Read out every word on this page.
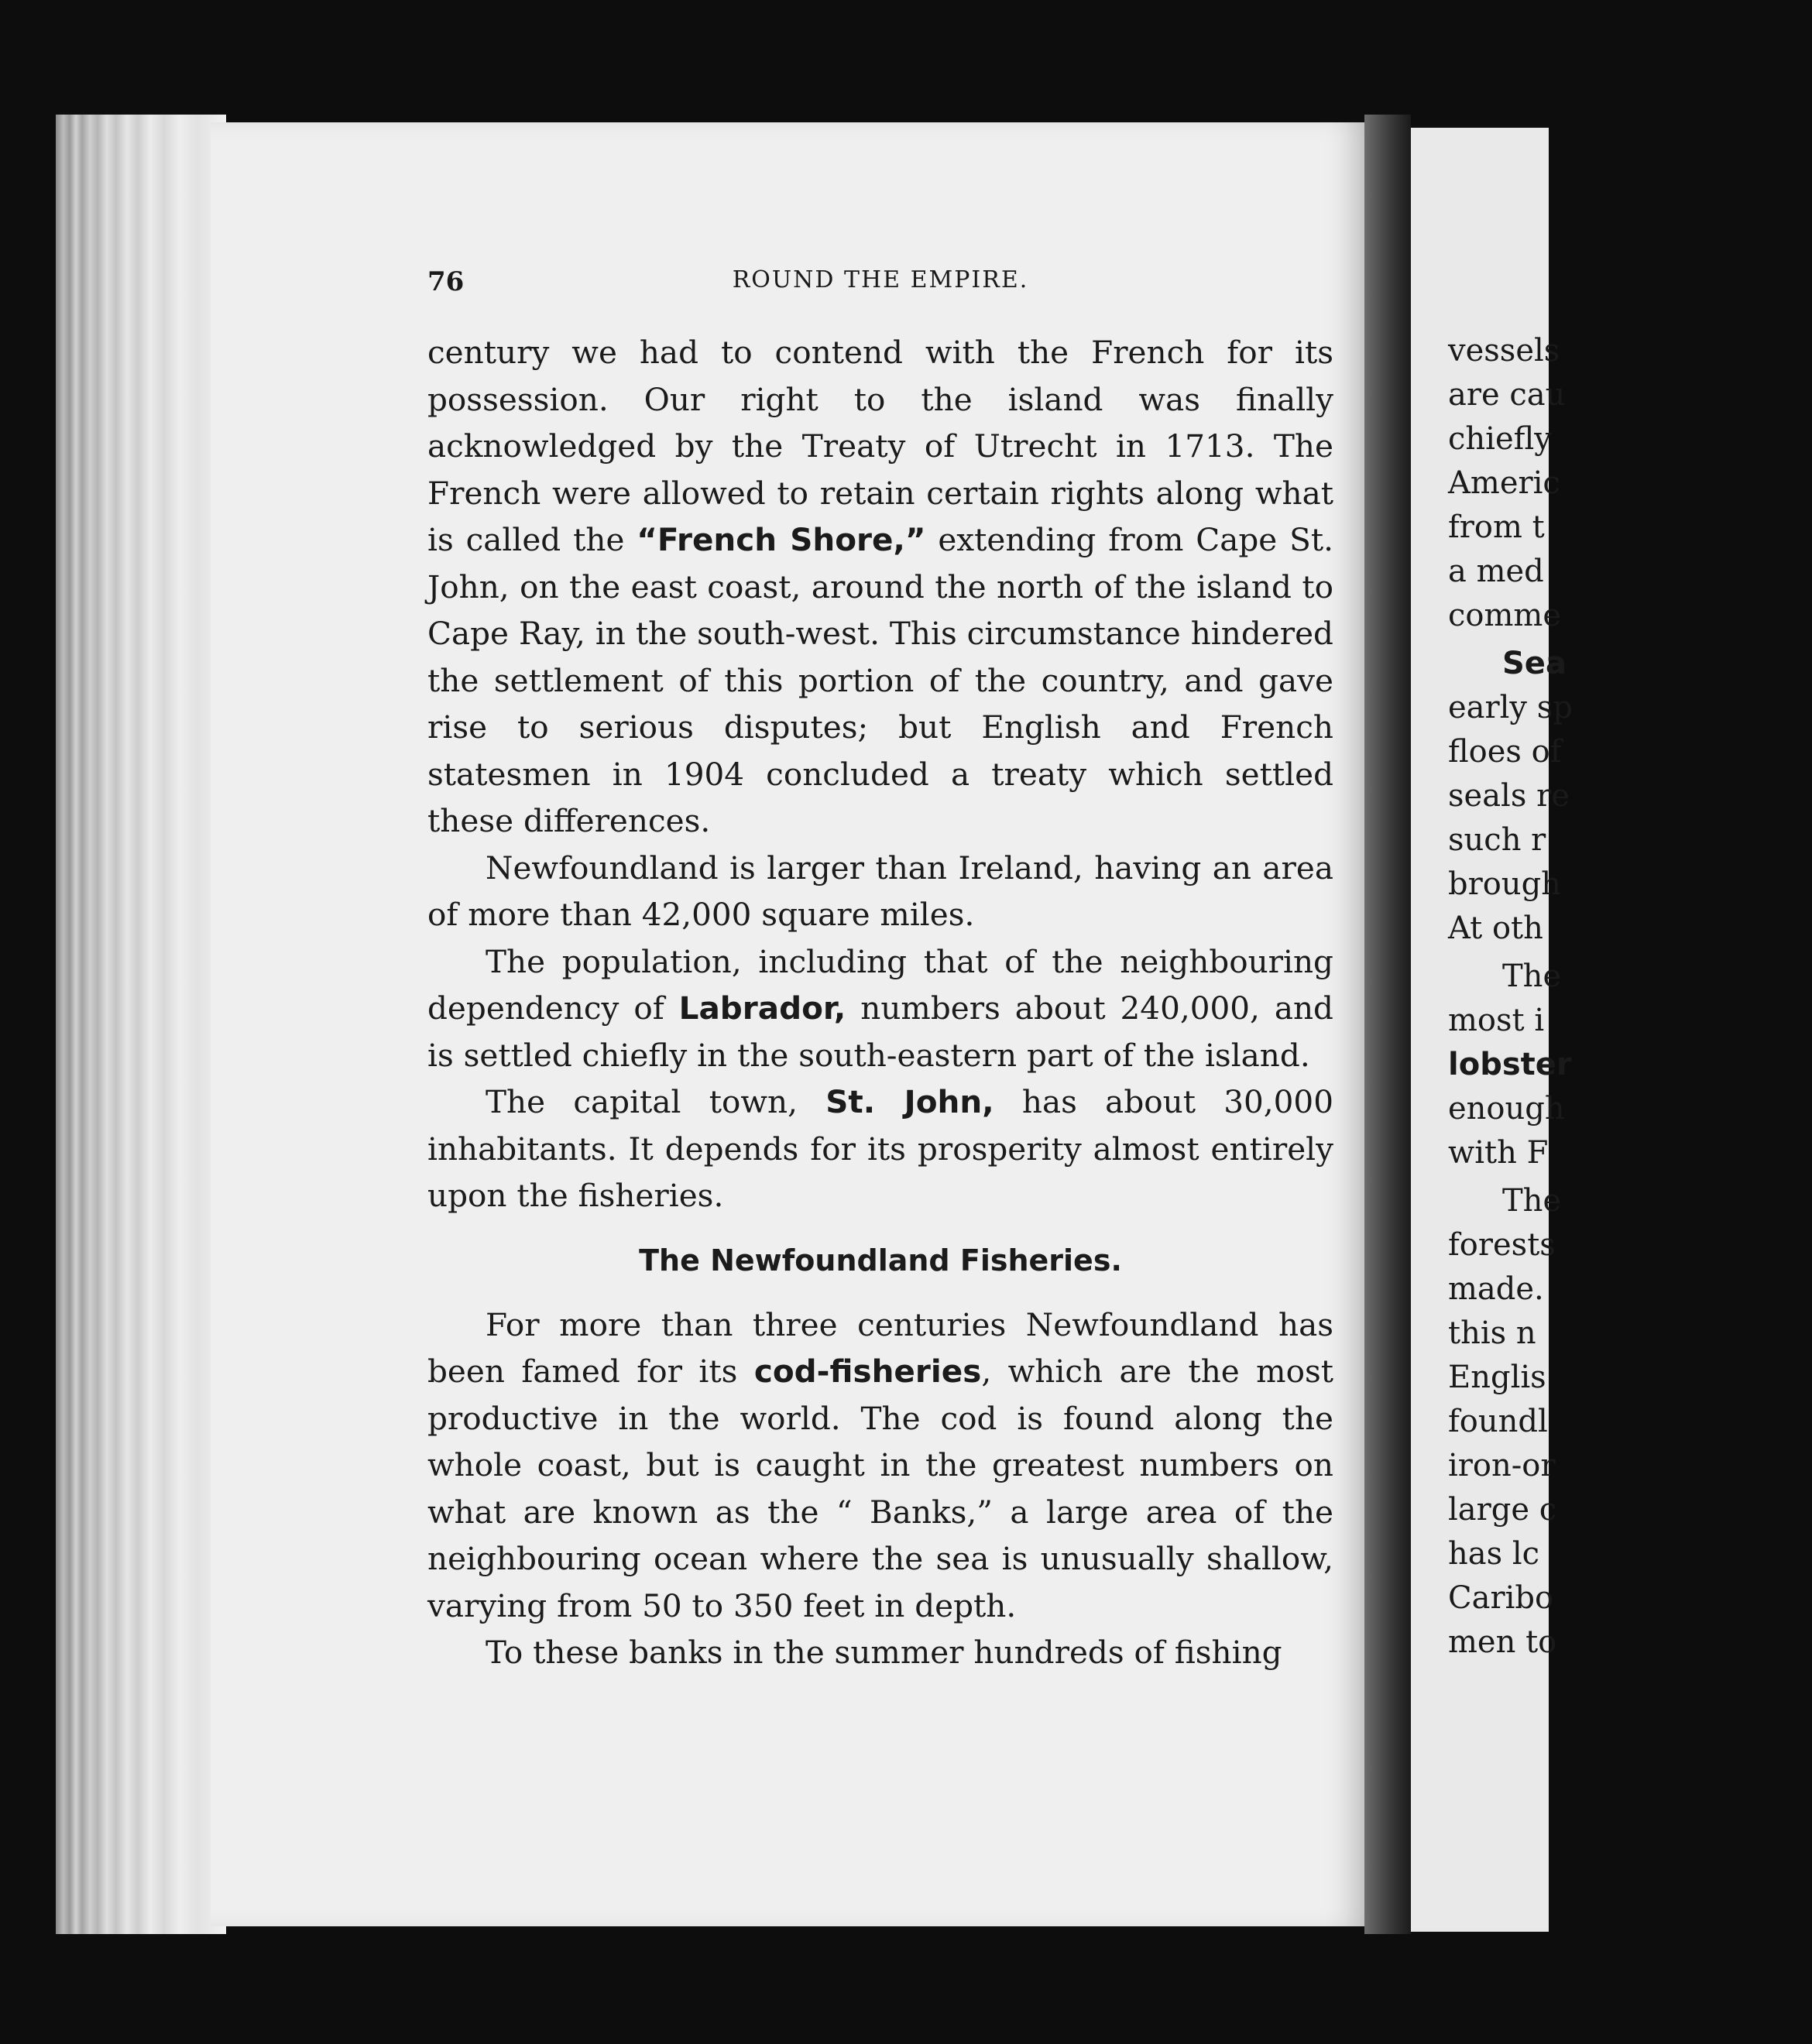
vessels
are cau
chiefly
Americ
from t
a med
comme
Sea
early sp
floes of
seals re
such r
brough
At oth
The
most i
lobster
enough
with F
The
forests
made.
this n
Englis
foundl
iron-or
large c
has lc
Caribo
men to
76	ROUND THE EMPIRE.

century we had to contend with the French for its possession. Our right to the island was finally acknowledged by the Treaty of Utrecht in 1713. The French were allowed to retain certain rights along what is called the “French Shore,” extending from Cape St. John, on the east coast, around the north of the island to Cape Ray, in the south-west. This circumstance hindered the settlement of this portion of the country, and gave rise to serious disputes; but English and French statesmen in 1904 concluded a treaty which settled these differences.

Newfoundland is larger than Ireland, having an area of more than 42,000 square miles.

The population, including that of the neighbouring dependency of Labrador, numbers about 240,000, and is settled chiefly in the south-eastern part of the island.

The capital town, St. John, has about 30,000 inhabitants. It depends for its prosperity almost entirely upon the fisheries.

The Newfoundland Fisheries.

For more than three centuries Newfoundland has been famed for its cod-fisheries, which are the most productive in the world. The cod is found along the whole coast, but is caught in the greatest numbers on what are known as the “ Banks,” a large area of the neighbouring ocean where the sea is unusually shallow, varying from 50 to 350 feet in depth.

To these banks in the summer hundreds of fishing
